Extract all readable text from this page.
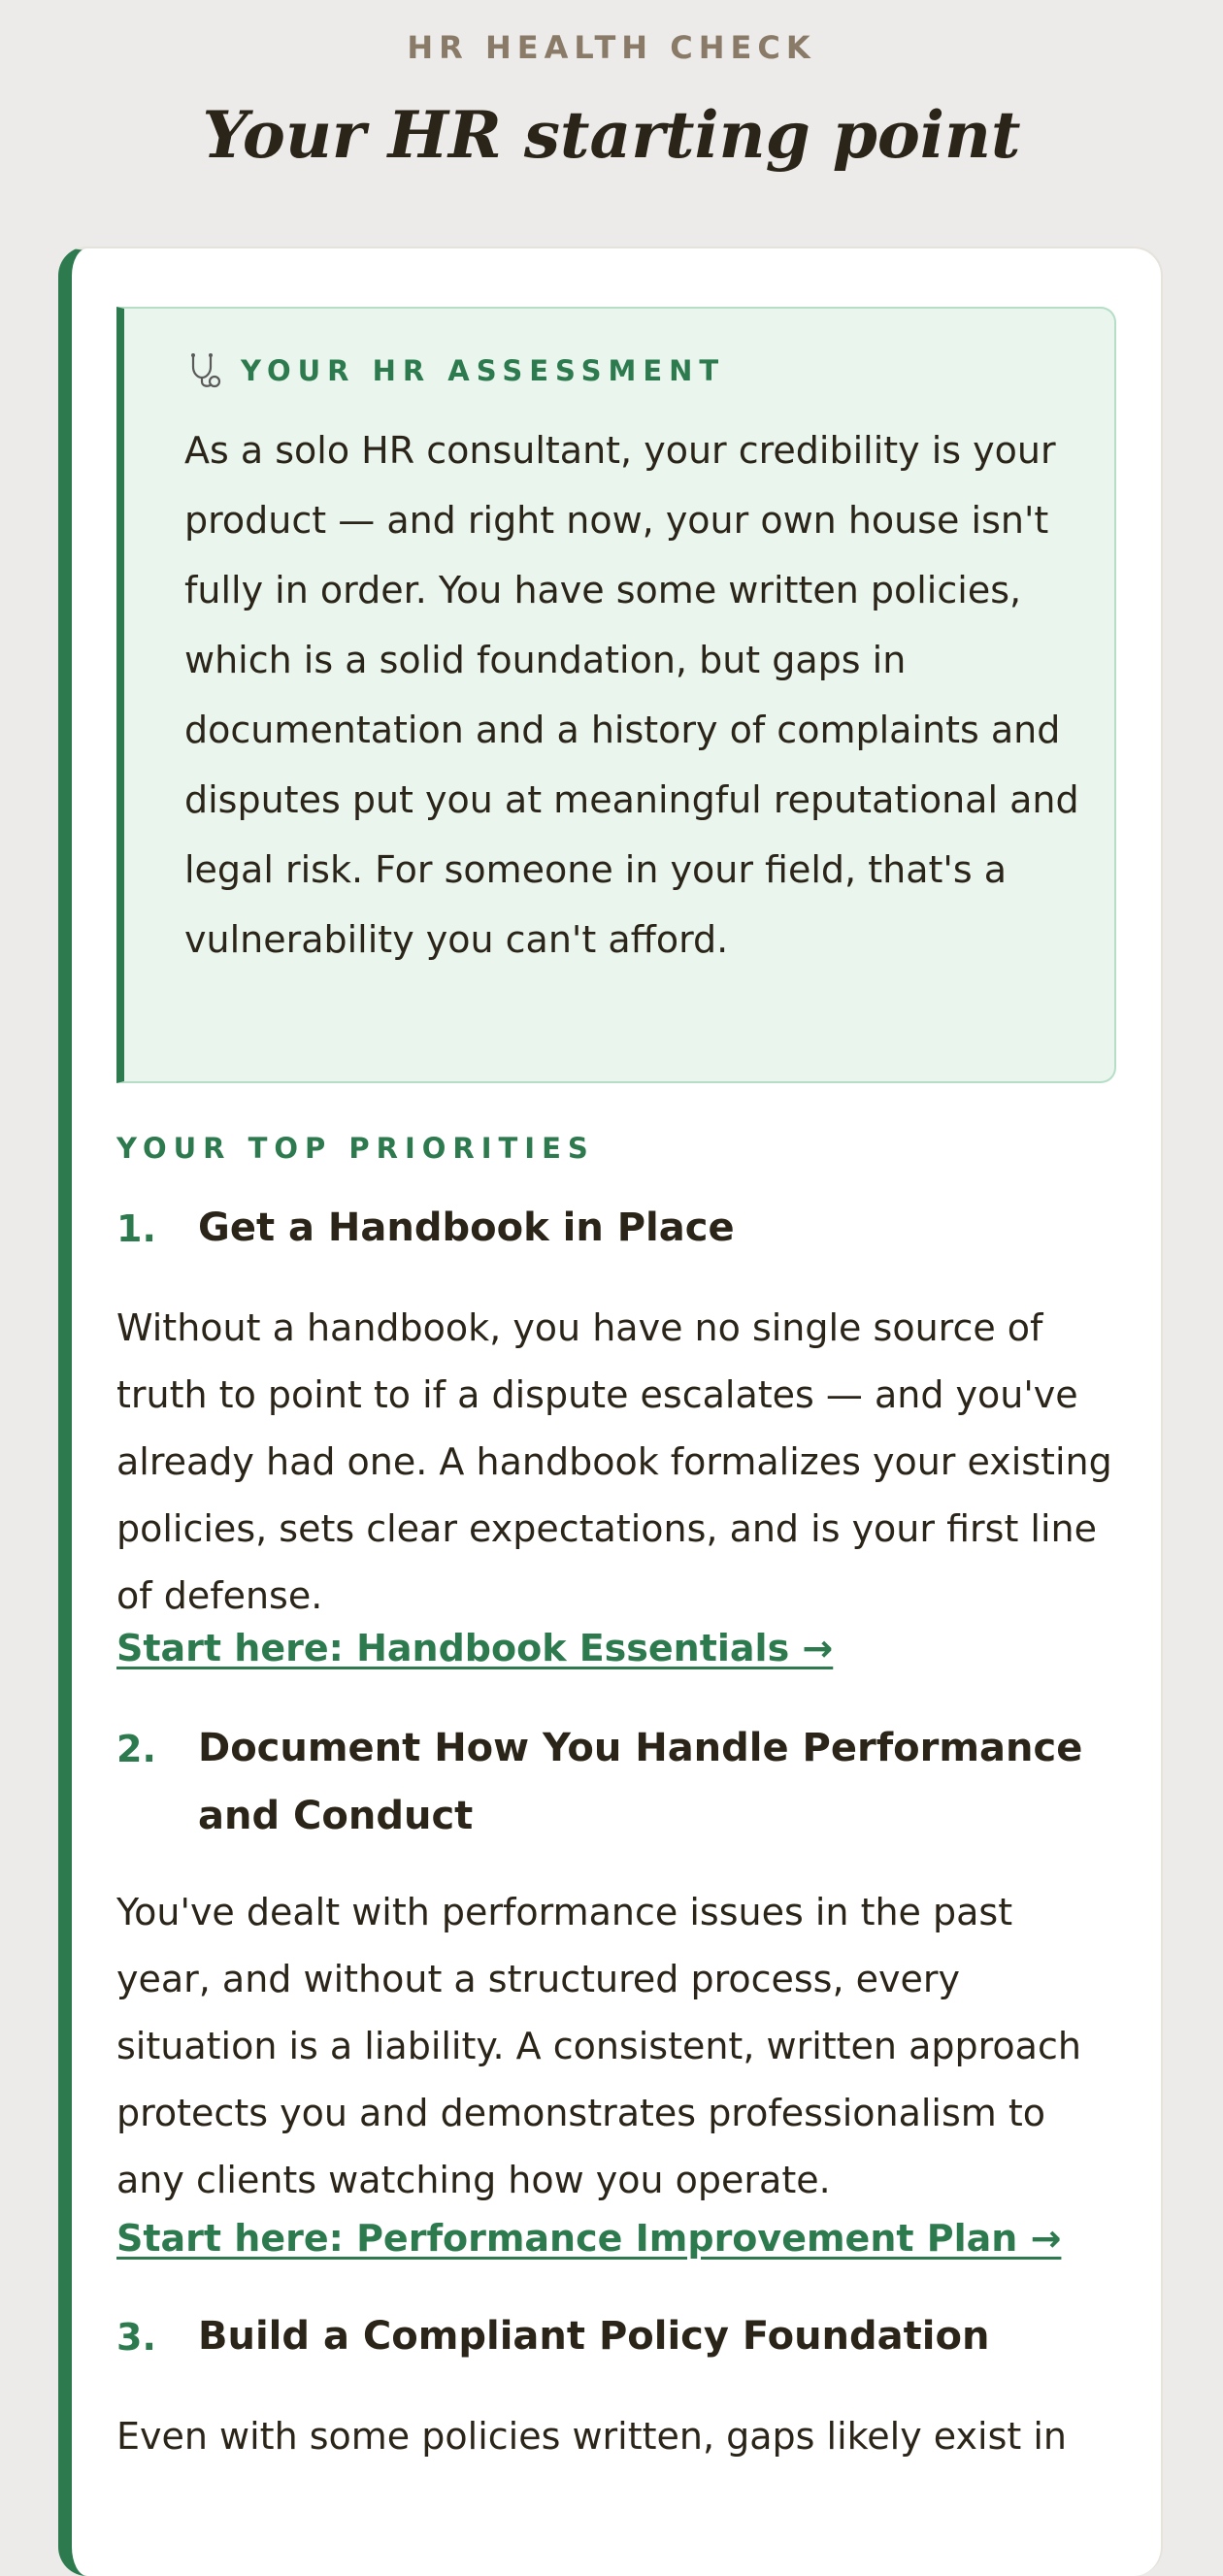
HR HEALTH CHECK
Your HR starting point
YOUR HR ASSESSMENT

As a solo HR consultant, your credibility is your product — and right now, your own house isn't fully in order. You have some written policies, which is a solid foundation, but gaps in documentation and a history of complaints and disputes put you at meaningful reputational and legal risk. For someone in your field, that's a vulnerability you can't afford.

YOUR TOP PRIORITIES
1. Get a Handbook in Place

Without a handbook, you have no single source of truth to point to if a dispute escalates — and you've already had one. A handbook formalizes your existing policies, sets clear expectations, and is your first line of defense.

Start here: Handbook Essentials →
2. Document How You Handle Performance and Conduct

You've dealt with performance issues in the past year, and without a structured process, every situation is a liability. A consistent, written approach protects you and demonstrates professionalism to any clients watching how you operate.

Start here: Performance Improvement Plan →
3. Build a Compliant Policy Foundation

Even with some policies written, gaps likely exist in
